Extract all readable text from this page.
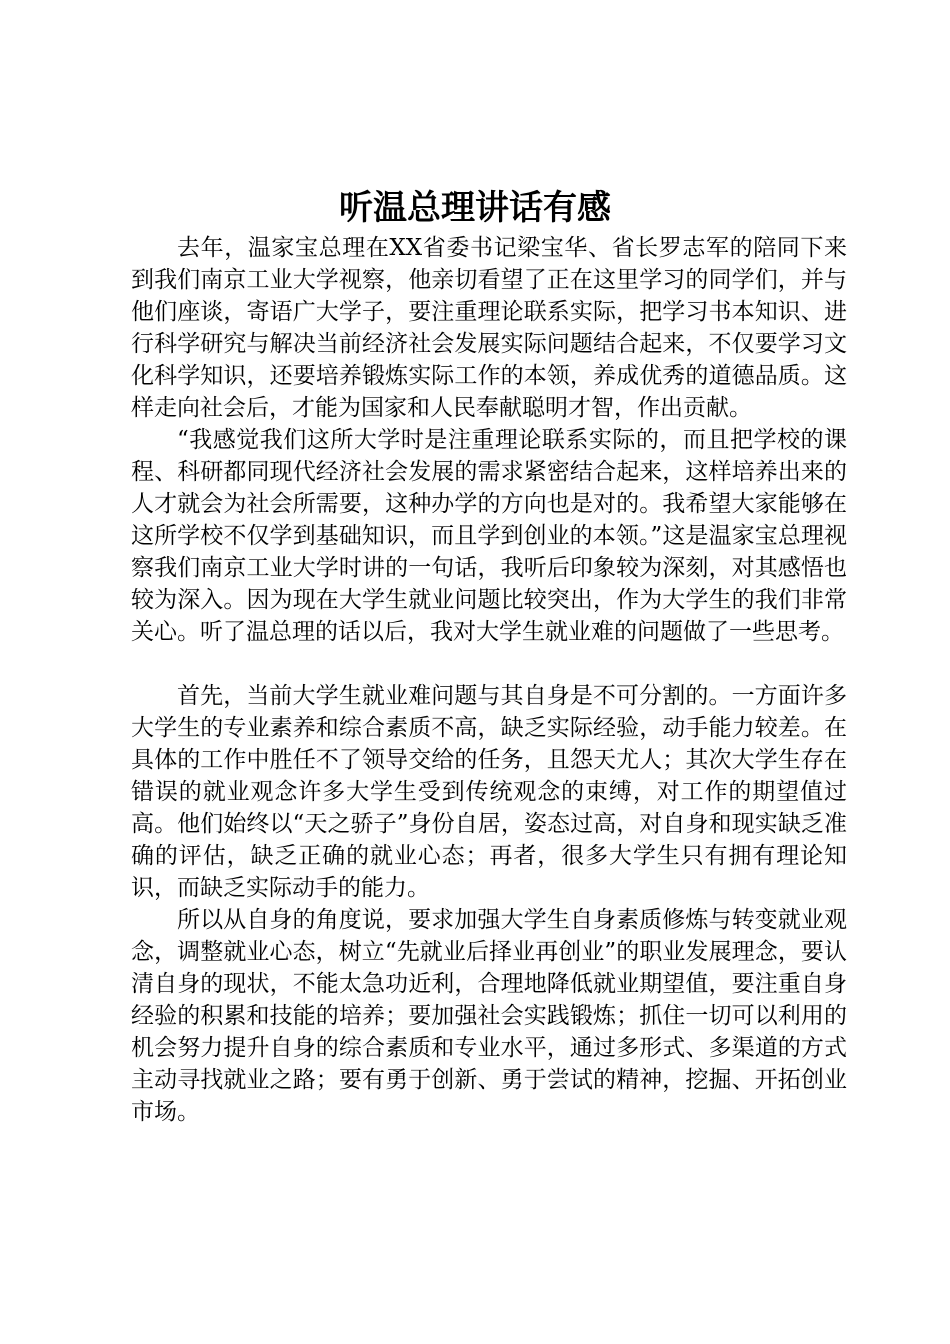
听温总理讲话有感

去年，温家宝总理在XX省委书记梁宝华、省长罗志军的陪同下来到我们南京工业大学视察，他亲切看望了正在这里学习的同学们，并与他们座谈，寄语广大学子，要注重理论联系实际，把学习书本知识、进行科学研究与解决当前经济社会发展实际问题结合起来，不仅要学习文化科学知识，还要培养锻炼实际工作的本领，养成优秀的道德品质。这样走向社会后，才能为国家和人民奉献聪明才智，作出贡献。

“我感觉我们这所大学时是注重理论联系实际的，而且把学校的课程、科研都同现代经济社会发展的需求紧密结合起来，这样培养出来的人才就会为社会所需要，这种办学的方向也是对的。我希望大家能够在这所学校不仅学到基础知识，而且学到创业的本领。”这是温家宝总理视察我们南京工业大学时讲的一句话，我听后印象较为深刻，对其感悟也较为深入。因为现在大学生就业问题比较突出，作为大学生的我们非常关心。听了温总理的话以后，我对大学生就业难的问题做了一些思考。

首先，当前大学生就业难问题与其自身是不可分割的。一方面许多大学生的专业素养和综合素质不高，缺乏实际经验，动手能力较差。在具体的工作中胜任不了领导交给的任务，且怨天尤人；其次大学生存在错误的就业观念许多大学生受到传统观念的束缚，对工作的期望值过高。他们始终以“天之骄子”身份自居，姿态过高，对自身和现实缺乏准确的评估，缺乏正确的就业心态；再者，很多大学生只有拥有理论知识，而缺乏实际动手的能力。

所以从自身的角度说，要求加强大学生自身素质修炼与转变就业观念，调整就业心态，树立“先就业后择业再创业”的职业发展理念，要认清自身的现状，不能太急功近利，合理地降低就业期望值，要注重自身经验的积累和技能的培养；要加强社会实践锻炼；抓住一切可以利用的机会努力提升自身的综合素质和专业水平，通过多形式、多渠道的方式主动寻找就业之路；要有勇于创新、勇于尝试的精神，挖掘、开拓创业市场。
